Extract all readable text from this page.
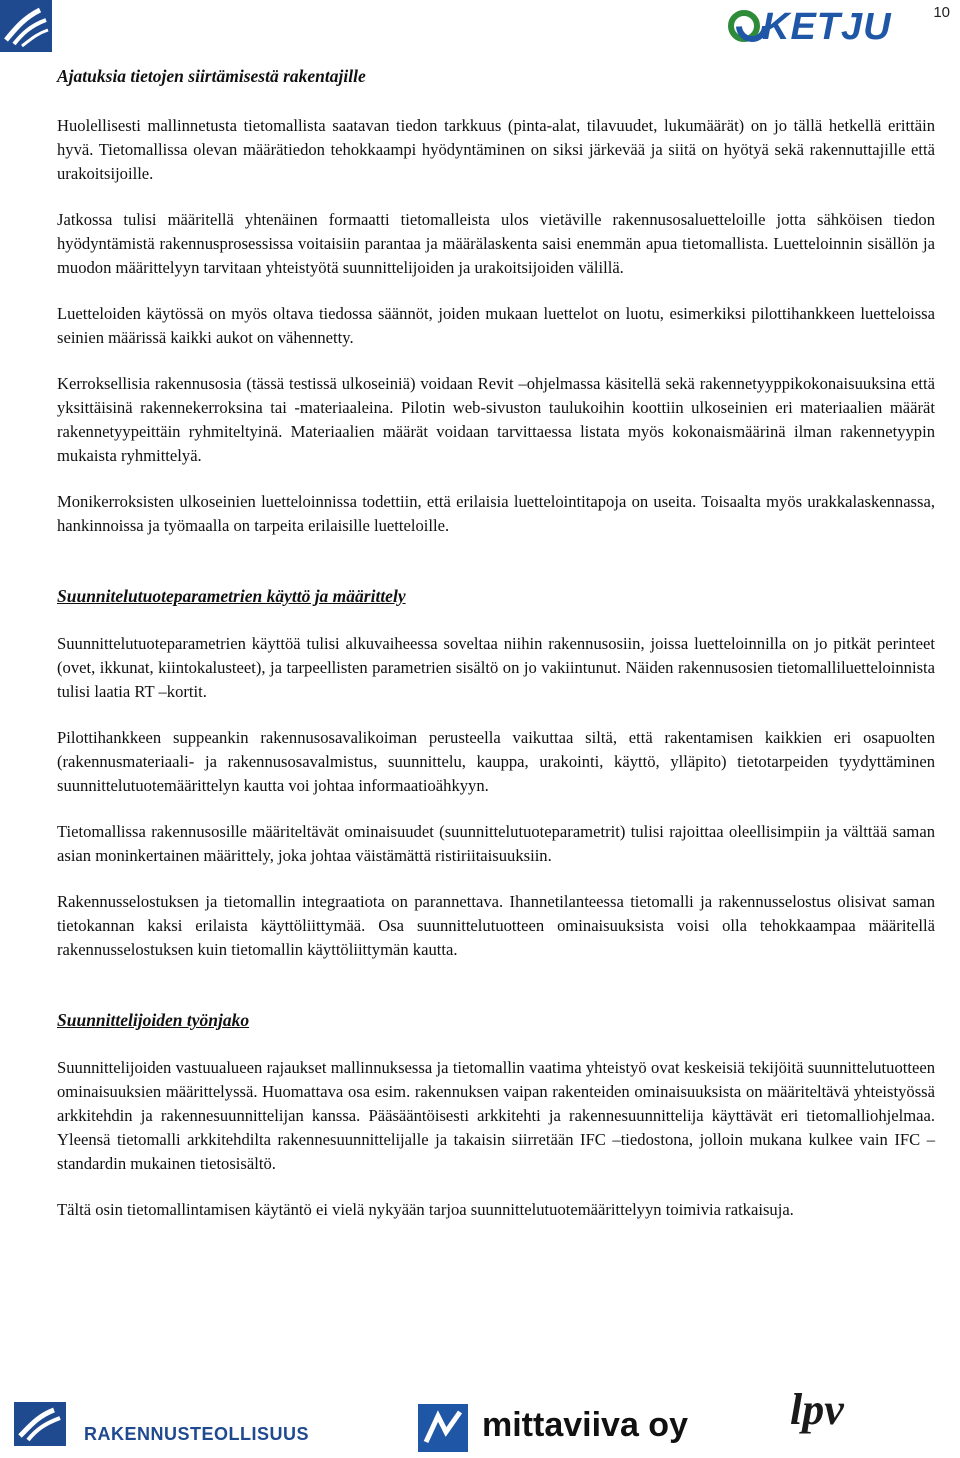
10
KETJU
Ajatuksia tietojen siirtämisestä rakentajille

Huolellisesti mallinnetusta tietomallista saatavan tiedon tarkkuus (pinta-alat, tilavuudet, lukumäärät) on jo tällä hetkellä erittäin hyvä. Tietomallissa olevan määrätiedon tehokkaampi hyödyntäminen on siksi järkevää ja siitä on hyötyä sekä rakennuttajille että urakoitsijoille.

Jatkossa tulisi määritellä yhtenäinen formaatti tietomalleista ulos vietäville rakennusosaluetteloille jotta sähköisen tiedon hyödyntämistä rakennusprosessissa voitaisiin parantaa ja määrälaskenta saisi enemmän apua tietomallista. Luetteloinnin sisällön ja muodon määrittelyyn tarvitaan yhteistyötä suunnittelijoiden ja urakoitsijoiden välillä.

Luetteloiden käytössä on myös oltava tiedossa säännöt, joiden mukaan luettelot on luotu, esimerkiksi pilottihankkeen luetteloissa seinien määrissä kaikki aukot on vähennetty.

Kerroksellisia rakennusosia (tässä testissä ulkoseiniä) voidaan Revit –ohjelmassa käsitellä sekä rakennetyyppikokonaisuuksina että yksittäisinä rakennekerroksina tai -materiaaleina. Pilotin web-sivuston taulukoihin koottiin ulkoseinien eri materiaalien määrät rakennetyypeittäin ryhmiteltyinä. Materiaalien määrät voidaan tarvittaessa listata myös kokonaismäärinä ilman rakennetyypin mukaista ryhmittelyä.

Monikerroksisten ulkoseinien luetteloinnissa todettiin, että erilaisia luettelointitapoja on useita. Toisaalta myös urakkalaskennassa, hankinnoissa ja työmaalla on tarpeita erilaisille luetteloille.

Suunnitelutuoteparametrien käyttö ja määrittely

Suunnittelutuoteparametrien käyttöä tulisi alkuvaiheessa soveltaa niihin rakennusosiin, joissa luetteloinnilla on jo pitkät perinteet (ovet, ikkunat, kiintokalusteet), ja tarpeellisten parametrien sisältö on jo vakiintunut. Näiden rakennusosien tietomalliluetteloinnista tulisi laatia RT –kortit.

Pilottihankkeen suppeankin rakennusosavalikoiman perusteella vaikuttaa siltä, että rakentamisen kaikkien eri osapuolten (rakennusmateriaali- ja rakennusosavalmistus, suunnittelu, kauppa, urakointi, käyttö, ylläpito) tietotarpeiden tyydyttäminen suunnittelutuotemäärittelyn kautta voi johtaa informaatioähkyyn.

Tietomallissa rakennusosille määriteltävät ominaisuudet (suunnittelutuoteparametrit) tulisi rajoittaa oleellisimpiin ja välttää saman asian moninkertainen määrittely, joka johtaa väistämättä ristiriitaisuuksiin.

Rakennusselostuksen ja tietomallin integraatiota on parannettava. Ihannetilanteessa tietomalli ja rakennusselostus olisivat saman tietokannan kaksi erilaista käyttöliittymää. Osa suunnittelutuotteen ominaisuuksista voisi olla tehokkaampaa määritellä rakennusselostuksen kuin tietomallin käyttöliittymän kautta.

Suunnittelijoiden työnjako

Suunnittelijoiden vastuualueen rajaukset mallinnuksessa ja tietomallin vaatima yhteistyö ovat keskeisiä tekijöitä suunnittelutuotteen ominaisuuksien määrittelyssä. Huomattava osa esim. rakennuksen vaipan rakenteiden ominaisuuksista on määriteltävä yhteistyössä arkkitehdin ja rakennesuunnittelijan kanssa. Pääsääntöisesti arkkitehti ja rakennesuunnittelija käyttävät eri tietomalliohjelmaa. Yleensä tietomalli arkkitehdilta rakennesuunnittelijalle ja takaisin siirretään IFC –tiedostona, jolloin mukana kulkee vain IFC –standardin mukainen tietosisältö.

Tältä osin tietomallintamisen käytäntö ei vielä nykyään tarjoa suunnittelutuotemäärittelyyn toimivia ratkaisuja.

RAKENNUSTEOLLISUUS	mittaviiva oy lpv
